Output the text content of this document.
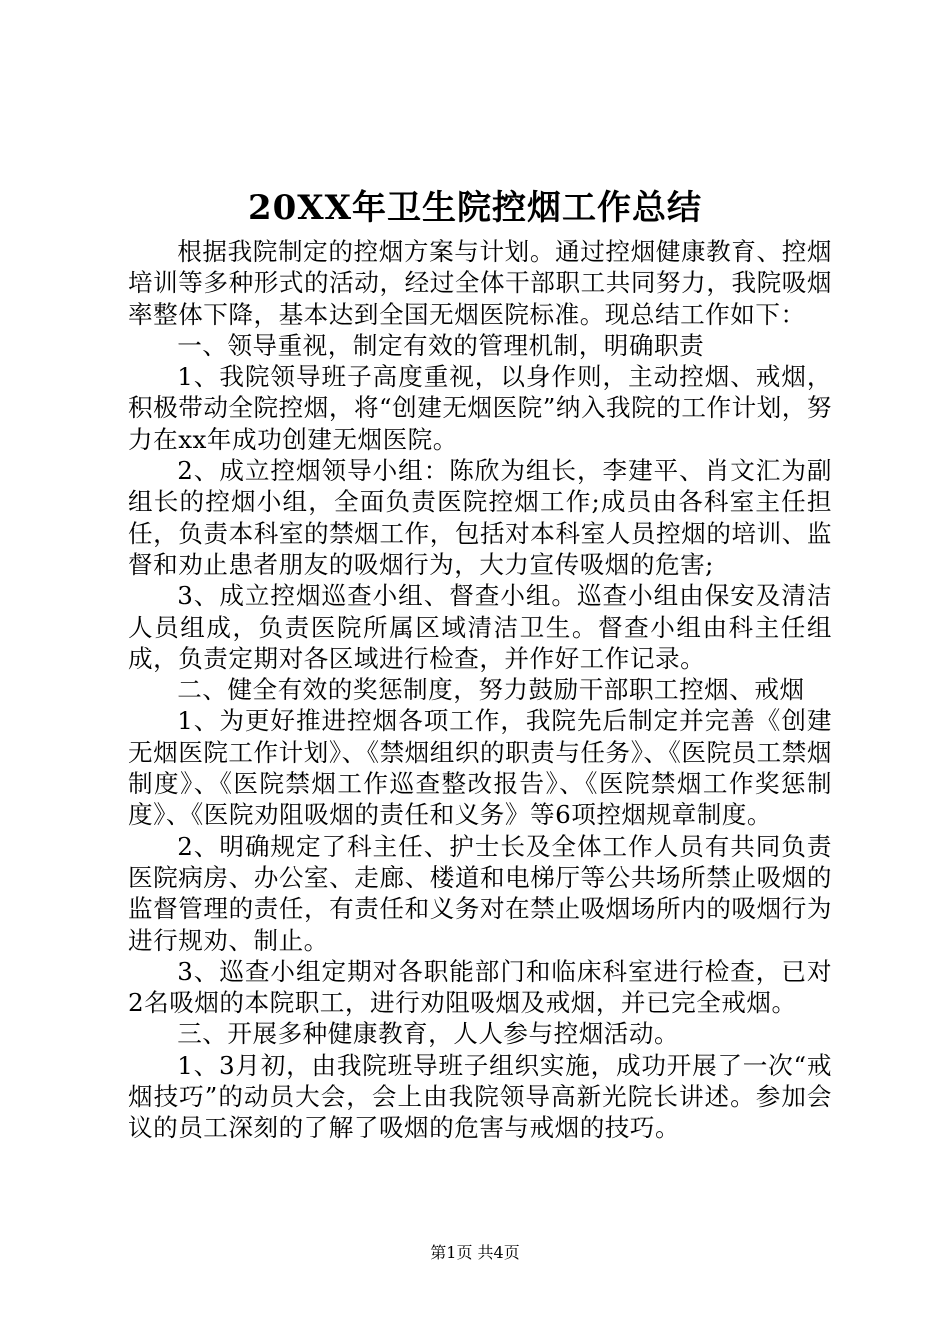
20XX年卫生院控烟工作总结

根据我院制定的控烟方案与计划。通过控烟健康教育、控烟培训等多种形式的活动，经过全体干部职工共同努力，我院吸烟率整体下降，基本达到全国无烟医院标准。现总结工作如下：

一、领导重视，制定有效的管理机制，明确职责

1、我院领导班子高度重视，以身作则，主动控烟、戒烟，积极带动全院控烟，将“创建无烟医院”纳入我院的工作计划，努力在xx年成功创建无烟医院。

2、成立控烟领导小组：陈欣为组长，李建平、肖文汇为副组长的控烟小组，全面负责医院控烟工作;成员由各科室主任担任，负责本科室的禁烟工作，包括对本科室人员控烟的培训、监督和劝止患者朋友的吸烟行为，大力宣传吸烟的危害;

3、成立控烟巡查小组、督查小组。巡查小组由保安及清洁人员组成，负责医院所属区域清洁卫生。督查小组由科主任组成，负责定期对各区域进行检查，并作好工作记录。

二、健全有效的奖惩制度，努力鼓励干部职工控烟、戒烟

1、为更好推进控烟各项工作，我院先后制定并完善《创建无烟医院工作计划》、《禁烟组织的职责与任务》、《医院员工禁烟制度》、《医院禁烟工作巡查整改报告》、《医院禁烟工作奖惩制度》、《医院劝阻吸烟的责任和义务》等6项控烟规章制度。

2、明确规定了科主任、护士长及全体工作人员有共同负责医院病房、办公室、走廊、楼道和电梯厅等公共场所禁止吸烟的监督管理的责任，有责任和义务对在禁止吸烟场所内的吸烟行为进行规劝、制止。

3、巡查小组定期对各职能部门和临床科室进行检查，已对2名吸烟的本院职工，进行劝阻吸烟及戒烟，并已完全戒烟。

三、开展多种健康教育，人人参与控烟活动。

1、3月初，由我院班导班子组织实施，成功开展了一次“戒烟技巧”的动员大会，会上由我院领导高新光院长讲述。参加会议的员工深刻的了解了吸烟的危害与戒烟的技巧。

第1页 共4页
